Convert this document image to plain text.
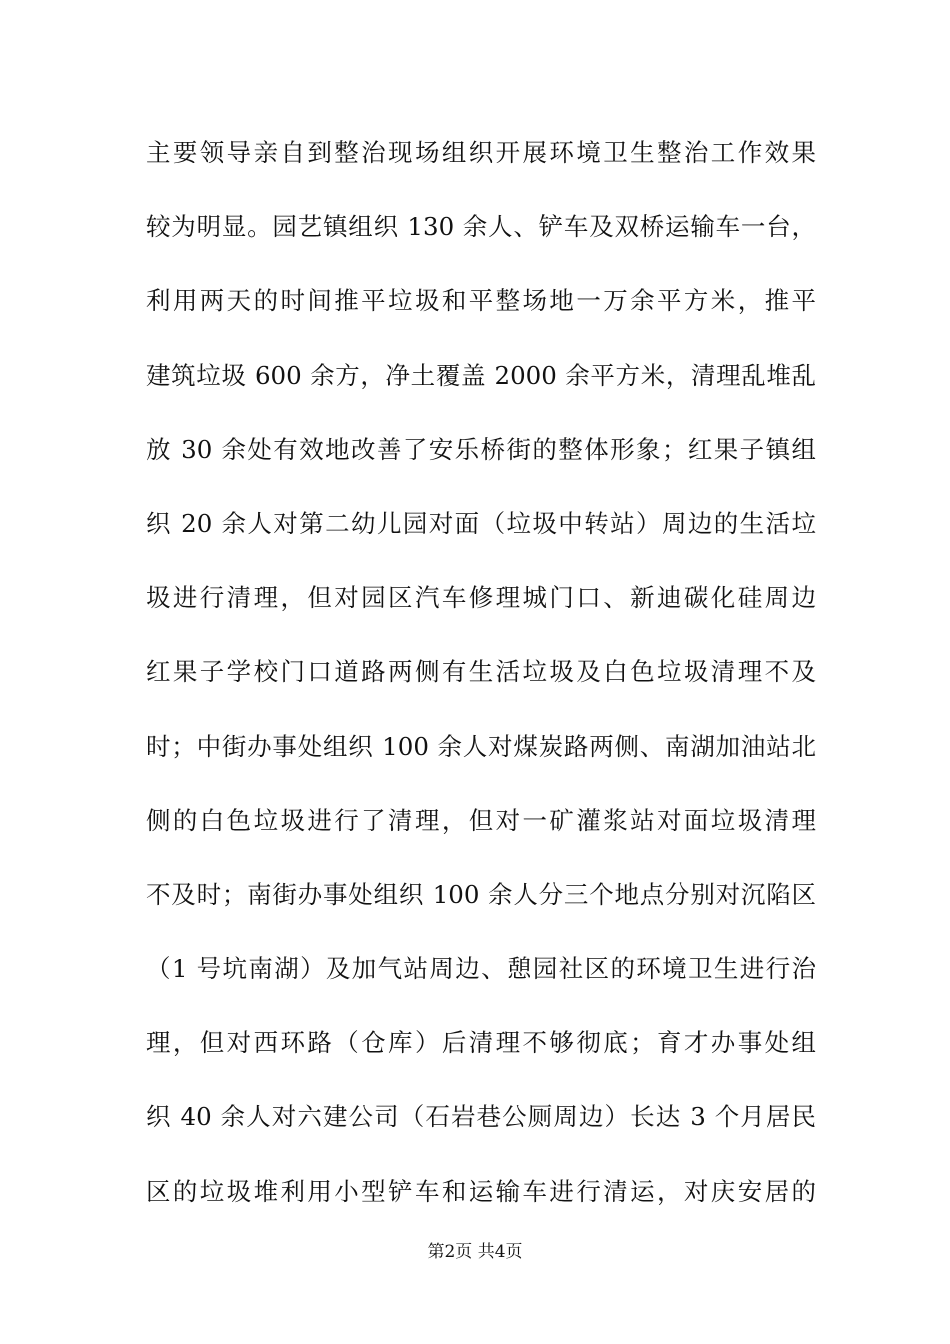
主要领导亲自到整治现场组织开展环境卫生整治工作效果
较为明显。园艺镇组织 130 余人、铲车及双桥运输车一台，
利用两天的时间推平垃圾和平整场地一万余平方米，推平
建筑垃圾 600 余方，净土覆盖 2000 余平方米，清理乱堆乱
放 30 余处有效地改善了安乐桥街的整体形象；红果子镇组
织 20 余人对第二幼儿园对面（垃圾中转站）周边的生活垃
圾进行清理，但对园区汽车修理城门口、新迪碳化硅周边
红果子学校门口道路两侧有生活垃圾及白色垃圾清理不及
时；中街办事处组织 100 余人对煤炭路两侧、南湖加油站北
侧的白色垃圾进行了清理，但对一矿灌浆站对面垃圾清理
不及时；南街办事处组织 100 余人分三个地点分别对沉陷区
（1 号坑南湖）及加气站周边、憩园社区的环境卫生进行治
理，但对西环路（仓库）后清理不够彻底；育才办事处组
织 40 余人对六建公司（石岩巷公厕周边）长达 3 个月居民
区的垃圾堆利用小型铲车和运输车进行清运，对庆安居的
第2页 共4页
